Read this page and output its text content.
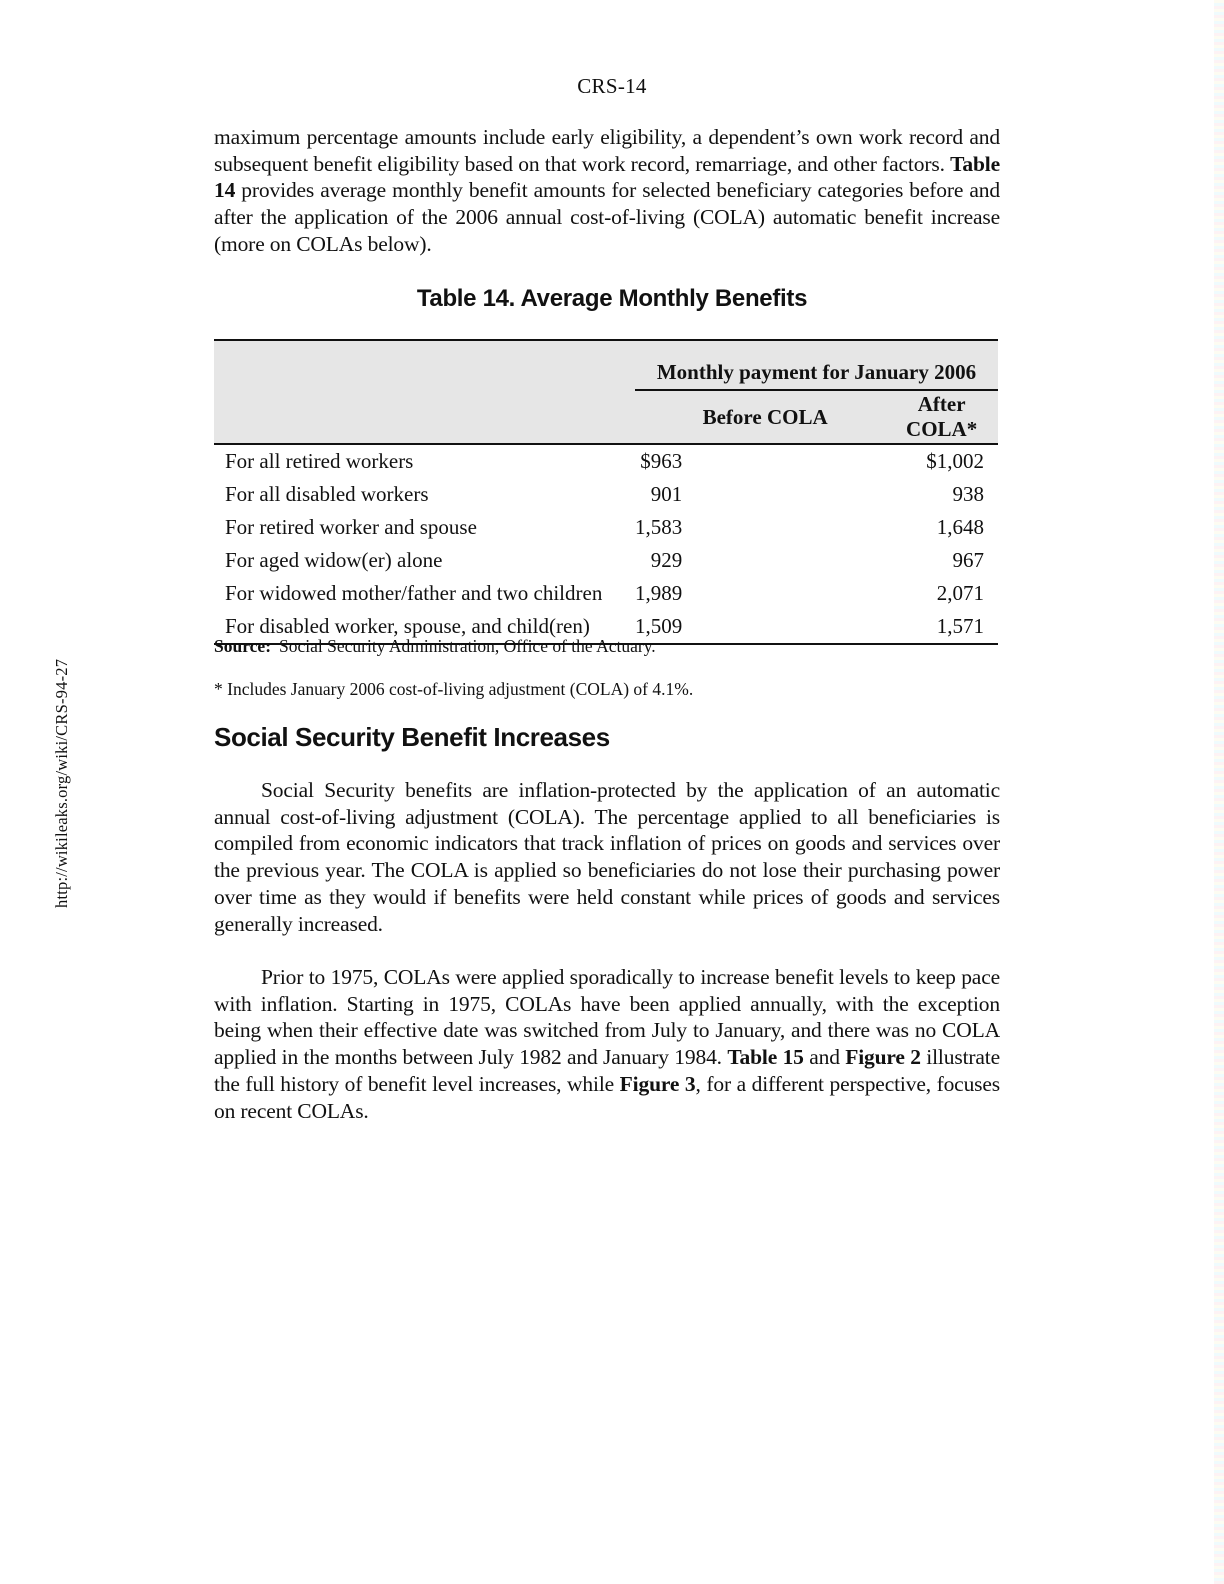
CRS-14
http://wikileaks.org/wiki/CRS-94-27

maximum percentage amounts include early eligibility, a dependent’s own work record and subsequent benefit eligibility based on that work record, remarriage, and other factors. Table 14 provides average monthly benefit amounts for selected beneficiary categories before and after the application of the 2006 annual cost-of-living (COLA) automatic benefit increase (more on COLAs below).

Table 14. Average Monthly Benefits
	Monthly payment for January 2006	
	Before COLA	After COLA*
For all retired workers	$963	$1,002
For all disabled workers	901	938
For retired worker and spouse	1,583	1,648
For aged widow(er) alone	929	967
For widowed mother/father and two children	1,989	2,071
For disabled worker, spouse, and child(ren)	1,509	1,571
Source: Social Security Administration, Office of the Actuary.
* Includes January 2006 cost-of-living adjustment (COLA) of 4.1%.
Social Security Benefit Increases

Social Security benefits are inflation-protected by the application of an automatic annual cost-of-living adjustment (COLA). The percentage applied to all beneficiaries is compiled from economic indicators that track inflation of prices on goods and services over the previous year. The COLA is applied so beneficiaries do not lose their purchasing power over time as they would if benefits were held constant while prices of goods and services generally increased.

Prior to 1975, COLAs were applied sporadically to increase benefit levels to keep pace with inflation. Starting in 1975, COLAs have been applied annually, with the exception being when their effective date was switched from July to January, and there was no COLA applied in the months between July 1982 and January 1984. Table 15 and Figure 2 illustrate the full history of benefit level increases, while Figure 3, for a different perspective, focuses on recent COLAs.
